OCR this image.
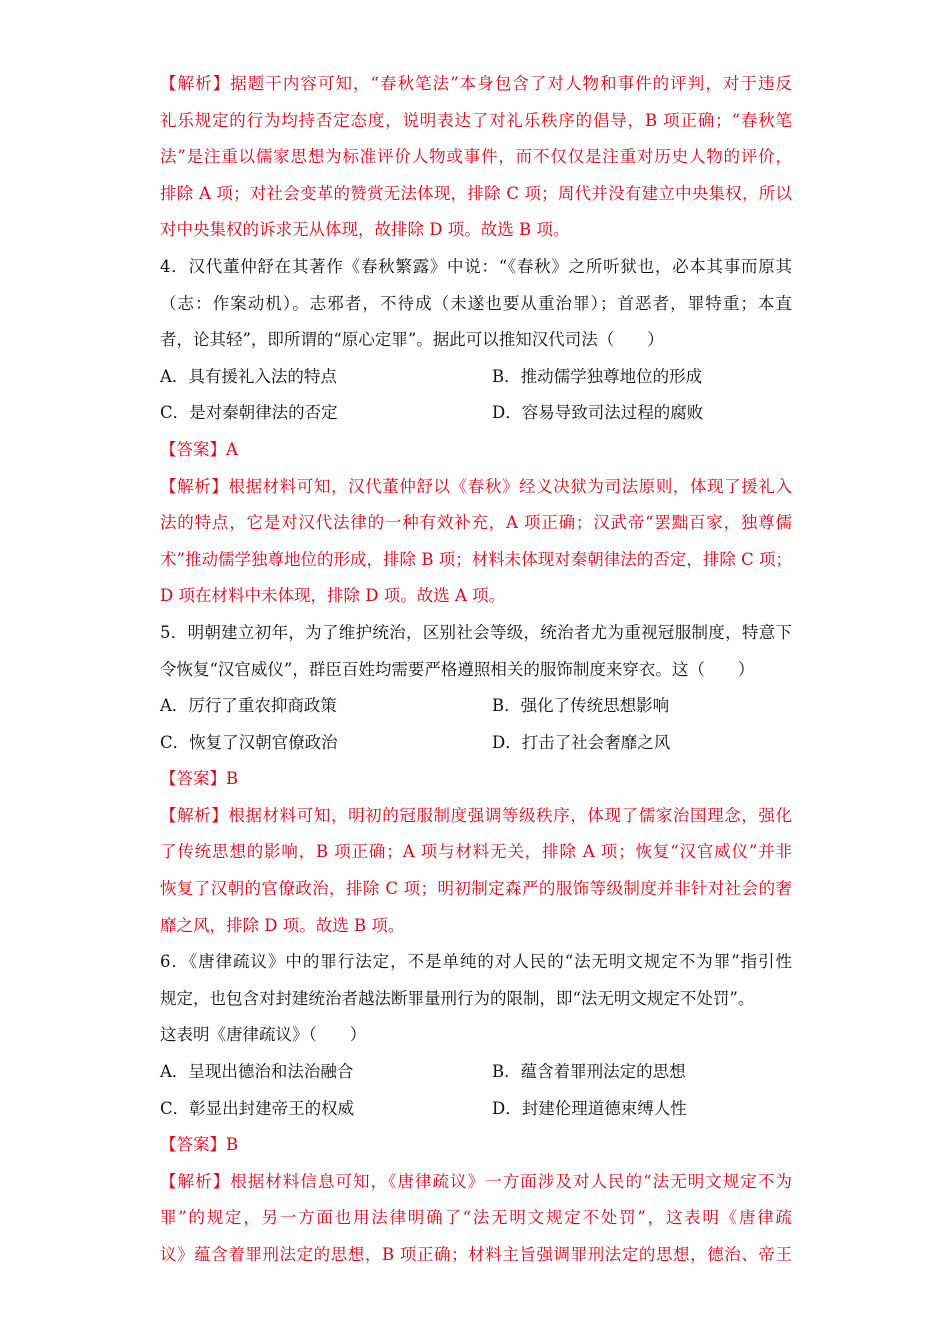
【解析】据题干内容可知，“春秋笔法”本身包含了对人物和事件的评判，对于违反
礼乐规定的行为均持否定态度，说明表达了对礼乐秩序的倡导，B 项正确；“春秋笔
法”是注重以儒家思想为标准评价人物或事件，而不仅仅是注重对历史人物的评价，
排除 A 项；对社会变革的赞赏无法体现，排除 C 项；周代并没有建立中央集权，所以
对中央集权的诉求无从体现，故排除 D 项。故选 B 项。
4．汉代董仲舒在其著作《春秋繁露》中说：“《春秋》之所听狱也，必本其事而原其
（志：作案动机）。志邪者，不待成（未遂也要从重治罪）；首恶者，罪特重；本直
者，论其轻”，即所谓的“原心定罪”。据此可以推知汉代司法（　　）
A．具有援礼入法的特点	B．推动儒学独尊地位的形成
C．是对秦朝律法的否定	D．容易导致司法过程的腐败
【答案】A
【解析】根据材料可知，汉代董仲舒以《春秋》经义决狱为司法原则，体现了援礼入
法的特点，它是对汉代法律的一种有效补充，A 项正确；汉武帝“罢黜百家，独尊儒
术”推动儒学独尊地位的形成，排除 B 项；材料未体现对秦朝律法的否定，排除 C 项；
D 项在材料中未体现，排除 D 项。故选 A 项。
5．明朝建立初年，为了维护统治，区别社会等级，统治者尤为重视冠服制度，特意下
令恢复“汉官威仪”，群臣百姓均需要严格遵照相关的服饰制度来穿衣。这（　　）
A．厉行了重农抑商政策	B．强化了传统思想影响
C．恢复了汉朝官僚政治	D．打击了社会奢靡之风
【答案】B
【解析】根据材料可知，明初的冠服制度强调等级秩序，体现了儒家治国理念，强化
了传统思想的影响，B 项正确；A 项与材料无关，排除 A 项；恢复“汉官威仪”并非
恢复了汉朝的官僚政治，排除 C 项；明初制定森严的服饰等级制度并非针对社会的奢
靡之风，排除 D 项。故选 B 项。
6．《唐律疏议》中的罪行法定，不是单纯的对人民的“法无明文规定不为罪”指引性
规定，也包含对封建统治者越法断罪量刑行为的限制，即“法无明文规定不处罚”。
这表明《唐律疏议》（　　）
A．呈现出德治和法治融合	B．蕴含着罪刑法定的思想
C．彰显出封建帝王的权威	D．封建伦理道德束缚人性
【答案】B
【解析】根据材料信息可知，《唐律疏议》一方面涉及对人民的“法无明文规定不为
罪”的规定，另一方面也用法律明确了“法无明文规定不处罚”，这表明《唐律疏
议》蕴含着罪刑法定的思想，B 项正确；材料主旨强调罪刑法定的思想，德治、帝王
